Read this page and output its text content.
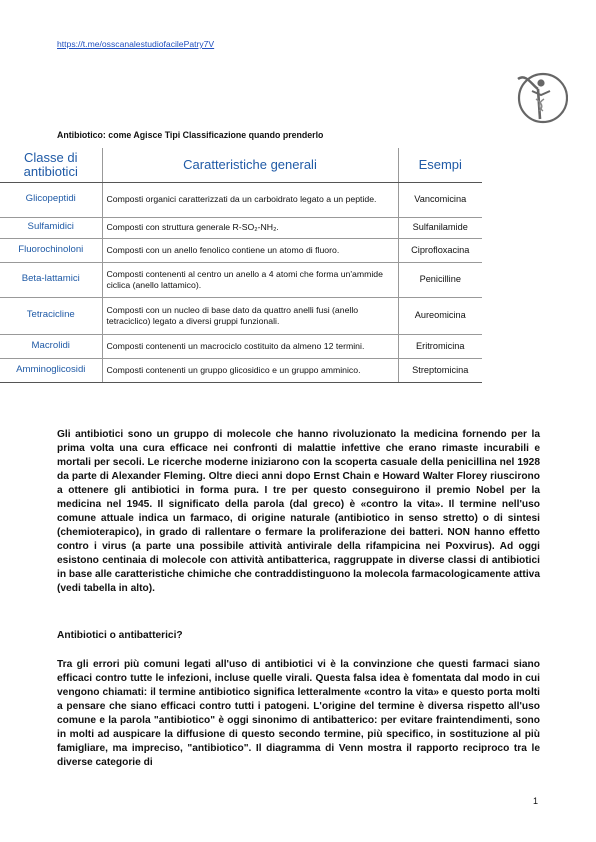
https://t.me/osscanalestudiofacilePatry7V
Antibiotico: come Agisce Tipi Classificazione quando prenderlo
Classe di antibiotici	Caratteristiche generali	Esempi
Glicopeptidi	Composti organici caratterizzati da un carboidrato legato a un peptide.	Vancomicina
Sulfamidici	Composti con struttura generale R-SO₂-NH₂.	Sulfanilamide
Fluorochinoloni	Composti con un anello fenolico contiene un atomo di fluoro.	Ciprofloxacina
Beta-lattamici	Composti contenenti al centro un anello a 4 atomi che forma un'ammide ciclica (anello lattamico).	Penicilline
Tetracicline	Composti con un nucleo di base dato da quattro anelli fusi (anello tetraciclico) legato a diversi gruppi funzionali.	Aureomicina
Macrolidi	Composti contenenti un macrociclo costituito da almeno 12 termini.	Eritromicina
Amminoglicosidi	Composti contenenti un gruppo glicosidico e un gruppo amminico.	Streptomicina

Gli antibiotici sono un gruppo di molecole che hanno rivoluzionato la medicina fornendo per la prima volta una cura efficace nei confronti di malattie infettive che erano rimaste incurabili e mortali per secoli. Le ricerche moderne iniziarono con la scoperta casuale della penicillina nel 1928 da parte di Alexander Fleming. Oltre dieci anni dopo Ernst Chain e Howard Walter Florey riuscirono a ottenere gli antibiotici in forma pura. I tre per questo conseguirono il premio Nobel per la medicina nel 1945. Il significato della parola (dal greco) è «contro la vita». Il termine nell'uso comune attuale indica un farmaco, di origine naturale (antibiotico in senso stretto) o di sintesi (chemioterapico), in grado di rallentare o fermare la proliferazione dei batteri. NON hanno effetto contro i virus (a parte una possibile attività antivirale della rifampicina nei Poxvirus). Ad oggi esistono centinaia di molecole con attività antibatterica, raggruppate in diverse classi di antibiotici in base alle caratteristiche chimiche che contraddistinguono la molecola farmacologicamente attiva (vedi tabella in alto).

Antibiotici o antibatterici?

Tra gli errori più comuni legati all'uso di antibiotici vi è la convinzione che questi farmaci siano efficaci contro tutte le infezioni, incluse quelle virali. Questa falsa idea è fomentata dal modo in cui vengono chiamati: il termine antibiotico significa letteralmente «contro la vita» e questo porta molti a pensare che siano efficaci contro tutti i patogeni. L'origine del termine è diversa rispetto all'uso comune e la parola "antibiotico" è oggi sinonimo di antibatterico: per evitare fraintendimenti, sono in molti ad auspicare la diffusione di questo secondo termine, più specifico, in sostituzione al più famigliare, ma impreciso, "antibiotico". Il diagramma di Venn mostra il rapporto reciproco tra le diverse categorie di

1
